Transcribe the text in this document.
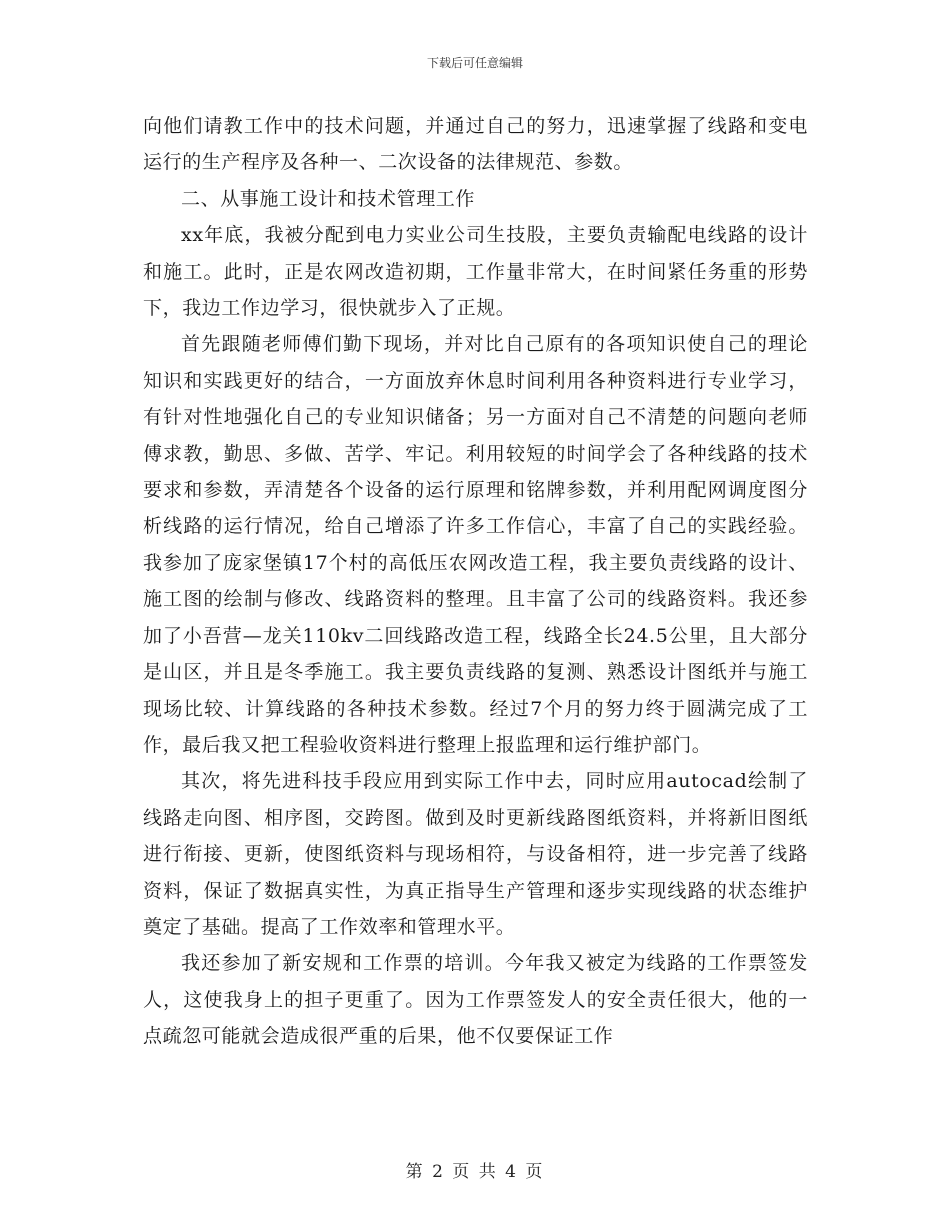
下载后可任意编辑

向他们请教工作中的技术问题，并通过自己的努力，迅速掌握了线路和变电运行的生产程序及各种一、二次设备的法律规范、参数。

二、从事施工设计和技术管理工作

xx年底，我被分配到电力实业公司生技股，主要负责输配电线路的设计和施工。此时，正是农网改造初期，工作量非常大，在时间紧任务重的形势下，我边工作边学习，很快就步入了正规。

首先跟随老师傅们勤下现场，并对比自己原有的各项知识使自己的理论知识和实践更好的结合，一方面放弃休息时间利用各种资料进行专业学习，有针对性地强化自己的专业知识储备；另一方面对自己不清楚的问题向老师傅求教，勤思、多做、苦学、牢记。利用较短的时间学会了各种线路的技术要求和参数，弄清楚各个设备的运行原理和铭牌参数，并利用配网调度图分析线路的运行情况，给自己增添了许多工作信心，丰富了自己的实践经验。我参加了庞家堡镇17个村的高低压农网改造工程，我主要负责线路的设计、施工图的绘制与修改、线路资料的整理。且丰富了公司的线路资料。我还参加了小吾营—龙关110kv二回线路改造工程，线路全长24.5公里，且大部分是山区，并且是冬季施工。我主要负责线路的复测、熟悉设计图纸并与施工现场比较、计算线路的各种技术参数。经过7个月的努力终于圆满完成了工作，最后我又把工程验收资料进行整理上报监理和运行维护部门。

其次，将先进科技手段应用到实际工作中去，同时应用autocad绘制了线路走向图、相序图，交跨图。做到及时更新线路图纸资料，并将新旧图纸进行衔接、更新，使图纸资料与现场相符，与设备相符，进一步完善了线路资料，保证了数据真实性，为真正指导生产管理和逐步实现线路的状态维护奠定了基础。提高了工作效率和管理水平。

我还参加了新安规和工作票的培训。今年我又被定为线路的工作票签发人，这使我身上的担子更重了。因为工作票签发人的安全责任很大，他的一点疏忽可能就会造成很严重的后果，他不仅要保证工作

第 2 页 共 4 页
